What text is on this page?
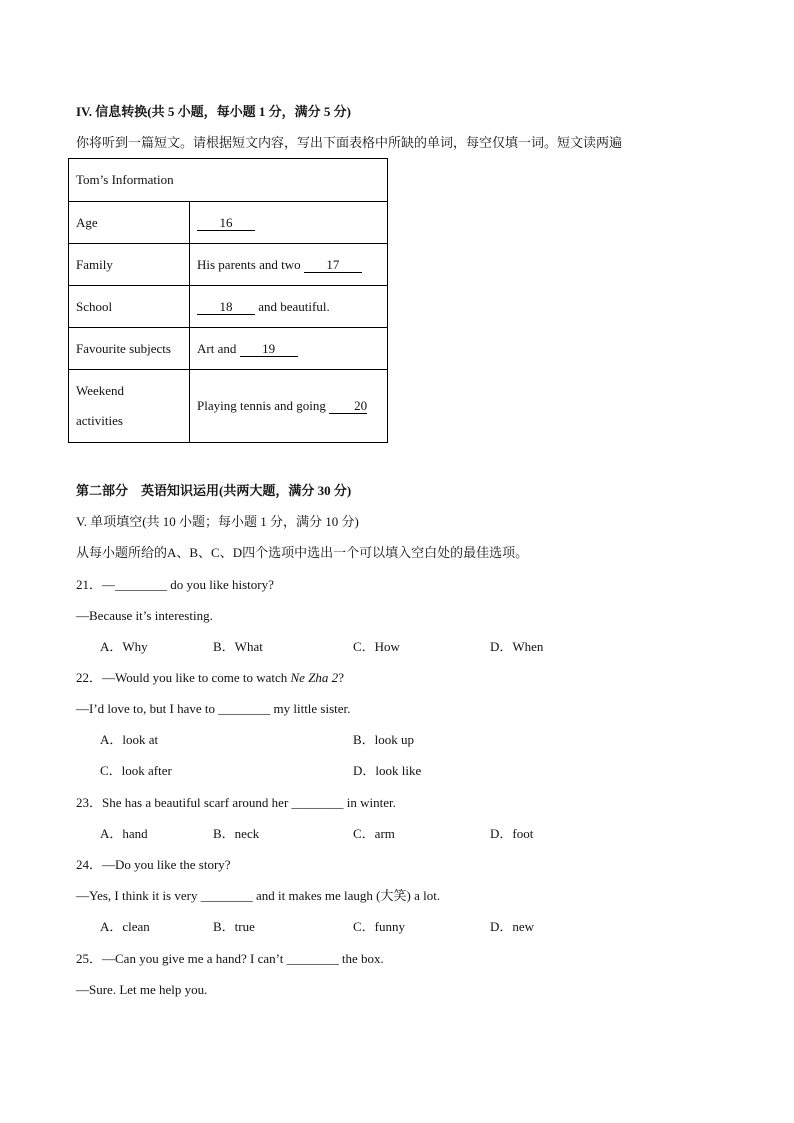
IV. 信息转换(共 5 小题，每小题 1 分，满分 5 分)
你将听到一篇短文。请根据短文内容，写出下面表格中所缺的单词，每空仅填一词。短文读两遍
Tom’s Information	
Age	16
Family	His parents and two 17
School	18 and beautiful.
Favourite subjects	Art and 19

Weekend
activities	Playing tennis and going 20
第二部分　英语知识运用(共两大题，满分 30 分)
V. 单项填空(共 10 小题；每小题 1 分，满分 10 分)
从每小题所给的A、B、C、D四个选项中选出一个可以填入空白处的最佳选项。
21．—________ do you like history?
—Because it’s interesting.
A．Why	B．What	C．How	D．When
22．—Would you like to come to watch Ne Zha 2?
—I’d love to, but I have to ________ my little sister.
A．look at	B．look up
C．look after	D．look like
23．She has a beautiful scarf around her ________ in winter.
A．hand	B．neck	C．arm	D．foot
24．—Do you like the story?
—Yes, I think it is very ________ and it makes me laugh (大笑) a lot.
A．clean	B．true	C．funny	D．new
25．—Can you give me a hand? I can’t ________ the box.
—Sure. Let me help you.
